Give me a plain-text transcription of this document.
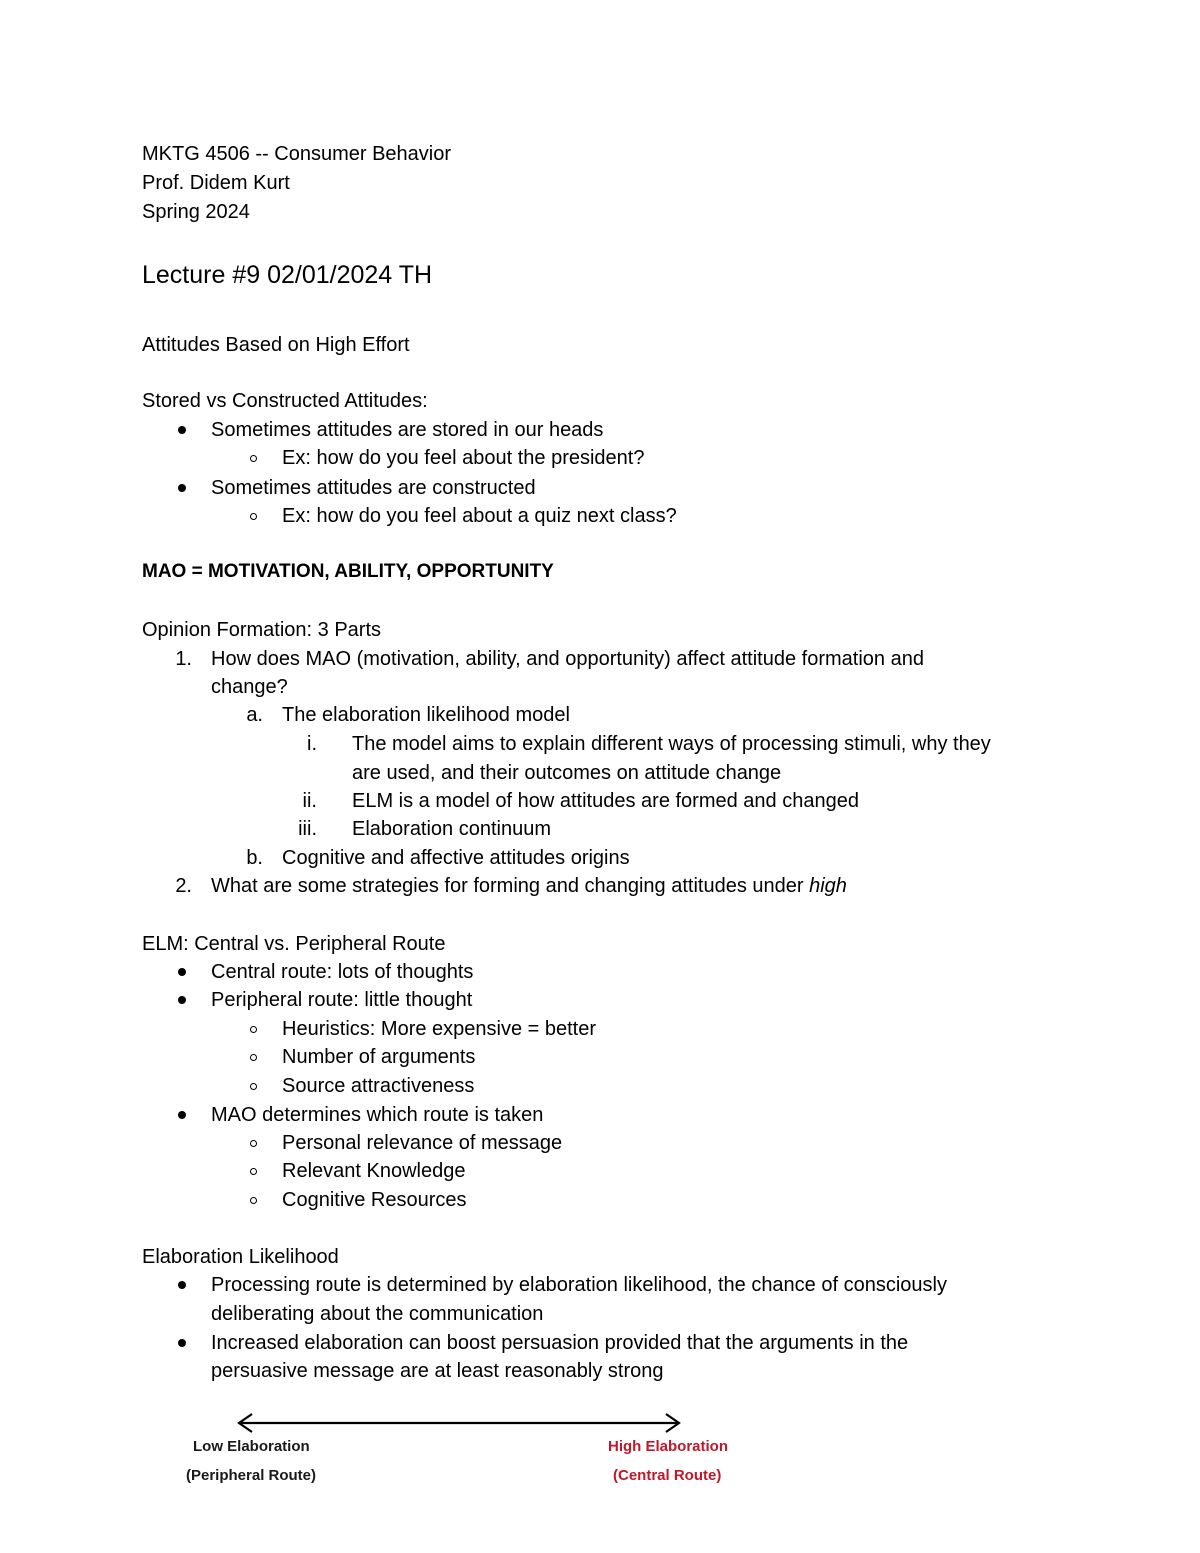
MKTG 4506 -- Consumer Behavior
Prof. Didem Kurt
Spring 2024
Lecture #9 02/01/2024 TH
Attitudes Based on High Effort
Stored vs Constructed Attitudes:
Sometimes attitudes are stored in our heads
Ex: how do you feel about the president?
Sometimes attitudes are constructed
Ex: how do you feel about a quiz next class?
MAO = MOTIVATION, ABILITY, OPPORTUNITY
Opinion Formation: 3 Parts
1. How does MAO (motivation, ability, and opportunity) affect attitude formation and
change?
a. The elaboration likelihood model
i. The model aims to explain different ways of processing stimuli, why they
are used, and their outcomes on attitude change
ii. ELM is a model of how attitudes are formed and changed
iii. Elaboration continuum
b. Cognitive and affective attitudes origins
2. What are some strategies for forming and changing attitudes under high
ELM: Central vs. Peripheral Route
Central route: lots of thoughts
Peripheral route: little thought
Heuristics: More expensive = better
Number of arguments
Source attractiveness
MAO determines which route is taken
Personal relevance of message
Relevant Knowledge
Cognitive Resources
Elaboration Likelihood
Processing route is determined by elaboration likelihood, the chance of consciously
deliberating about the communication
Increased elaboration can boost persuasion provided that the arguments in the
persuasive message are at least reasonably strong
Low Elaboration
(Peripheral Route)
High Elaboration
(Central Route)
